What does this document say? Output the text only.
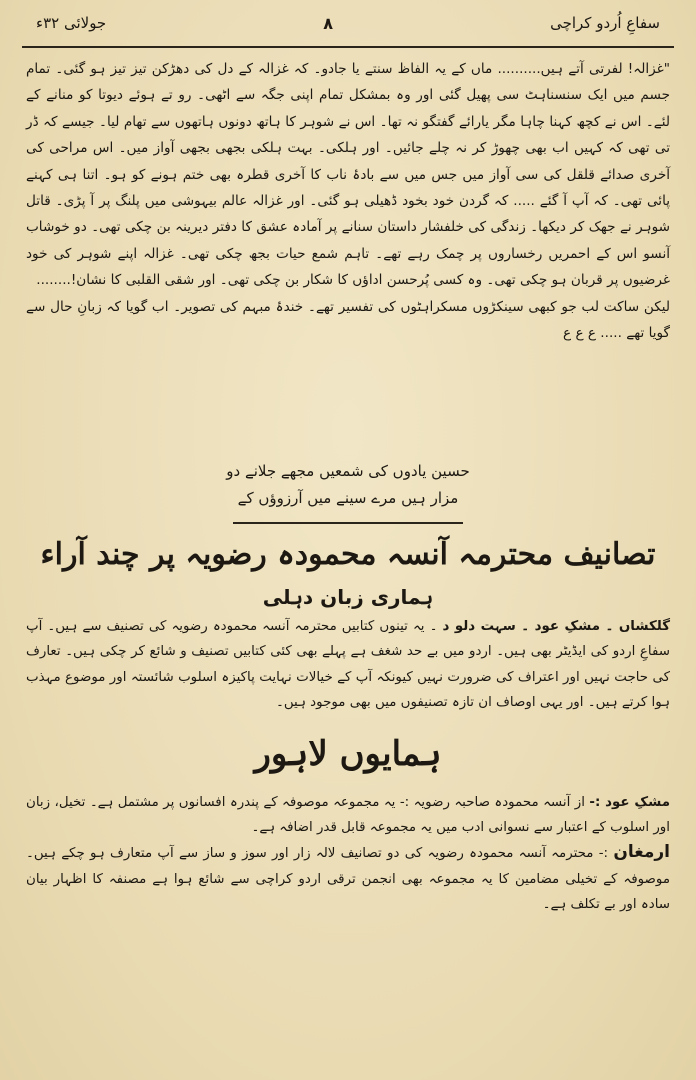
سفاعِ اُردو کراچی
۸
جولائی ۳۲ء

"غزالہ! لفرتی آتے ہیں.......... ماں کے یہ الفاظ سنتے یا جادو۔ کہ غزالہ کے دل کی دھڑکن تیز تیز ہو گئی۔ تمام جسم میں ایک سنسناہٹ سی پھیل گئی اور وہ بمشکل تمام اپنی جگہ سے اٹھی۔ رو تے ہوئے دیوتا کو منانے کے لئے۔ اس نے کچھ کہنا چاہا مگر یارائے گفتگو نہ تھا۔ اس نے شوہر کا ہاتھ دونوں ہاتھوں سے تھام لیا۔ جیسے کہ ڈر تی تھی کہ کہیں اب بھی چھوڑ کر نہ چلے جائیں۔ اور ہلکی۔ بہت ہلکی بجھی بجھی آواز میں۔ اس مراحی کی آخری صدائے قلقل کی سی آواز میں جس میں سے بادۂ ناب کا آخری قطرہ بھی ختم ہونے کو ہو۔ اتنا ہی کہنے پائی تھی۔ کہ آپ آ گئے ..... کہ گردن خود بخود ڈھیلی ہو گئی۔ اور غزالہ عالم بیہوشی میں پلنگ پر آ پڑی۔ قاتل شوہر نے جھک کر دیکھا۔ زندگی کی خلفشار داستان سنانے پر آمادہ عشق کا دفتر دیرینہ بن چکی تھی۔ دو خوشاب آنسو اس کے احمریں رخساروں پر چمک رہے تھے۔ تاہم شمع حیات بجھ چکی تھی۔ غزالہ اپنے شوہر کی خود غرضیوں پر قربان ہو چکی تھی۔ وہ کسی پُرحسن اداؤں کا شکار بن چکی تھی۔ اور شقی القلبی کا نشان!........

لیکن ساکت لب جو کبھی سینکڑوں مسکراہٹوں کی تفسیر تھے۔ خندۂ مبہم کی تصویر۔ اب گویا کہ زبانِ حال سے گویا تھے ..... ع ع ع

حسین یادوں کی شمعیں مجھے جلانے دو
مزار ہیں مرے سینے میں آرزوؤں کے
تصانیف محترمہ آنسہ محمودہ رضویہ پر چند آراء
ہماری زبان دہلی

گلکشاں ۔ مشکِ عود ۔ سہت دلو د ۔ یہ تینوں کتابیں محترمہ آنسہ محمودہ رضویہ کی تصنیف سے ہیں۔ آپ سفاعِ اردو کی ایڈیٹر بھی ہیں۔ اردو میں بے حد شغف ہے پہلے بھی کئی کتابیں تصنیف و شائع کر چکی ہیں۔ تعارف کی حاجت نہیں اور اعتراف کی ضرورت نہیں کیونکہ آپ کے خیالات نہایت پاکیزہ اسلوب شائستہ اور موضوع مہذب ہوا کرتے ہیں۔ اور یہی اوصاف ان تازہ تصنیفوں میں بھی موجود ہیں۔

ہمایوں لاہور

مشکِ عود :- از آنسہ محمودہ صاحبہ رضویہ :- یہ مجموعہ موصوفہ کے پندرہ افسانوں پر مشتمل ہے۔ تخیل، زبان اور اسلوب کے اعتبار سے نسوانی ادب میں یہ مجموعہ قابل قدر اضافہ ہے۔

ارمغان :- محترمہ آنسہ محمودہ رضویہ کی دو تصانیف لالہ زار اور سوز و ساز سے آپ متعارف ہو چکے ہیں۔ موصوفہ کے تخیلی مضامین کا یہ مجموعہ بھی انجمن ترقی اردو کراچی سے شائع ہوا ہے مصنفہ کا اظہار بیان سادہ اور بے تکلف ہے۔
